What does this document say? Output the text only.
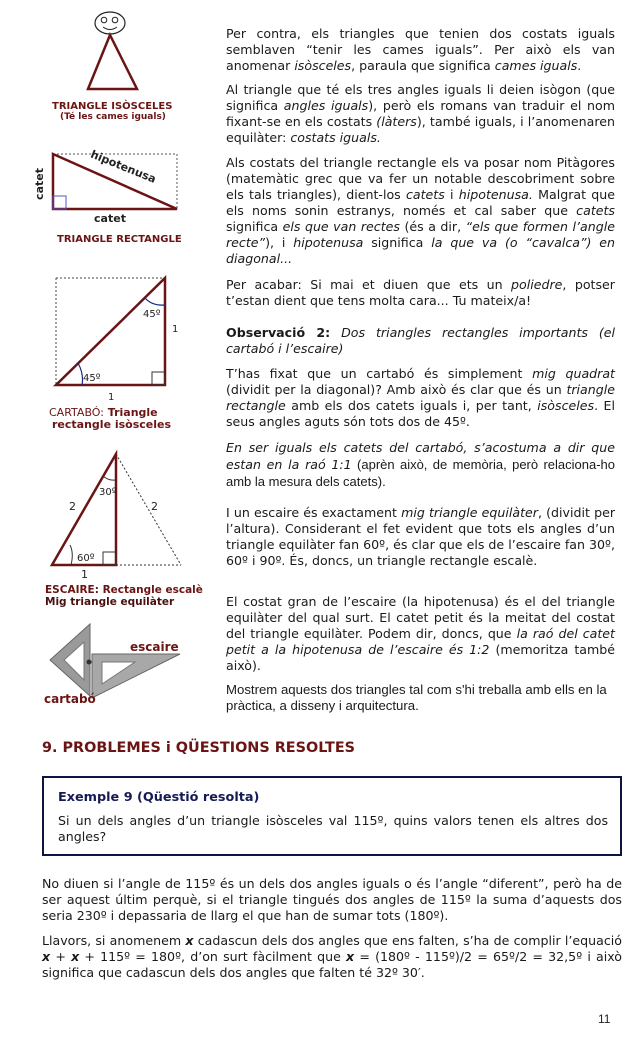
TRIANGLE ISÒSCELES
(Té les cames iguals)
hipotenusa
catet
catet
TRIANGLE RECTANGLE
45º
45º
1
1
CARTABÓ: Triangle
rectangle isòsceles
30º
60º
2	2
1
ESCAIRE: Rectangle escalè
Mig triangle equilàter
escaire
cartabó

Per contra, els triangles que tenien dos costats iguals semblaven “tenir les cames iguals”. Per això els van anomenar isòsceles, paraula que significa cames iguals.

Al triangle que té els tres angles iguals li deien isògon (que significa angles iguals), però els romans van traduir el nom fixant-se en els costats (làters), també iguals, i l’anomenaren equilàter: costats iguals.

Als costats del triangle rectangle els va posar nom Pitàgores (matemàtic grec que va fer un notable descobriment sobre els tals triangles), dient-los catets i hipotenusa. Malgrat que els noms sonin estranys, només et cal saber que catets significa els que van rectes (és a dir, “els que formen l’angle recte”), i hipotenusa significa la que va (o “cavalca”) en diagonal...

Per acabar: Si mai et diuen que ets un poliedre, potser t’estan dient que tens molta cara... Tu mateix/a!

Observació 2: Dos triangles rectangles importants (el cartabó i l’escaire)

T’has fixat que un cartabó és simplement mig quadrat (dividit per la diagonal)? Amb això és clar que és un triangle rectangle amb els dos catets iguals i, per tant, isòsceles. El seus angles aguts són tots dos de 45º.

En ser iguals els catets del cartabó, s’acostuma a dir que estan en la raó 1:1 (aprèn això, de memòria, però relaciona-ho amb la mesura dels catets).

I un escaire és exactament mig triangle equilàter, (dividit per l’altura). Considerant el fet evident que tots els angles d’un triangle equilàter fan 60º, és clar que els de l’escaire fan 30º, 60º i 90º. És, doncs, un triangle rectangle escalè.

El costat gran de l’escaire (la hipotenusa) és el del triangle equilàter del qual surt. El catet petit és la meitat del costat del triangle equilàter. Podem dir, doncs, que la raó del catet petit a la hipotenusa de l’escaire és 1:2 (memoritza també això).

Mostrem aquests dos triangles tal com s'hi treballa amb ells en la pràctica, a disseny i arquitectura.

9. PROBLEMES i QÜESTIONS RESOLTES
Exemple 9 (Qüestió resolta)
Si un dels angles d’un triangle isòsceles val 115º, quins valors tenen els altres dos angles?

No diuen si l’angle de 115º és un dels dos angles iguals o és l’angle “diferent”, però ha de ser aquest últim perquè, si el triangle tingués dos angles de 115º la suma d’aquests dos seria 230º i depassaria de llarg el que han de sumar tots (180º).

Llavors, si anomenem x cadascun dels dos angles que ens falten, s’ha de complir l’equació x + x + 115º = 180º, d’on surt fàcilment que x = (180º - 115º)/2 = 65º/2 = 32,5º i això significa que cadascun dels dos angles que falten té 32º 30′.

11
